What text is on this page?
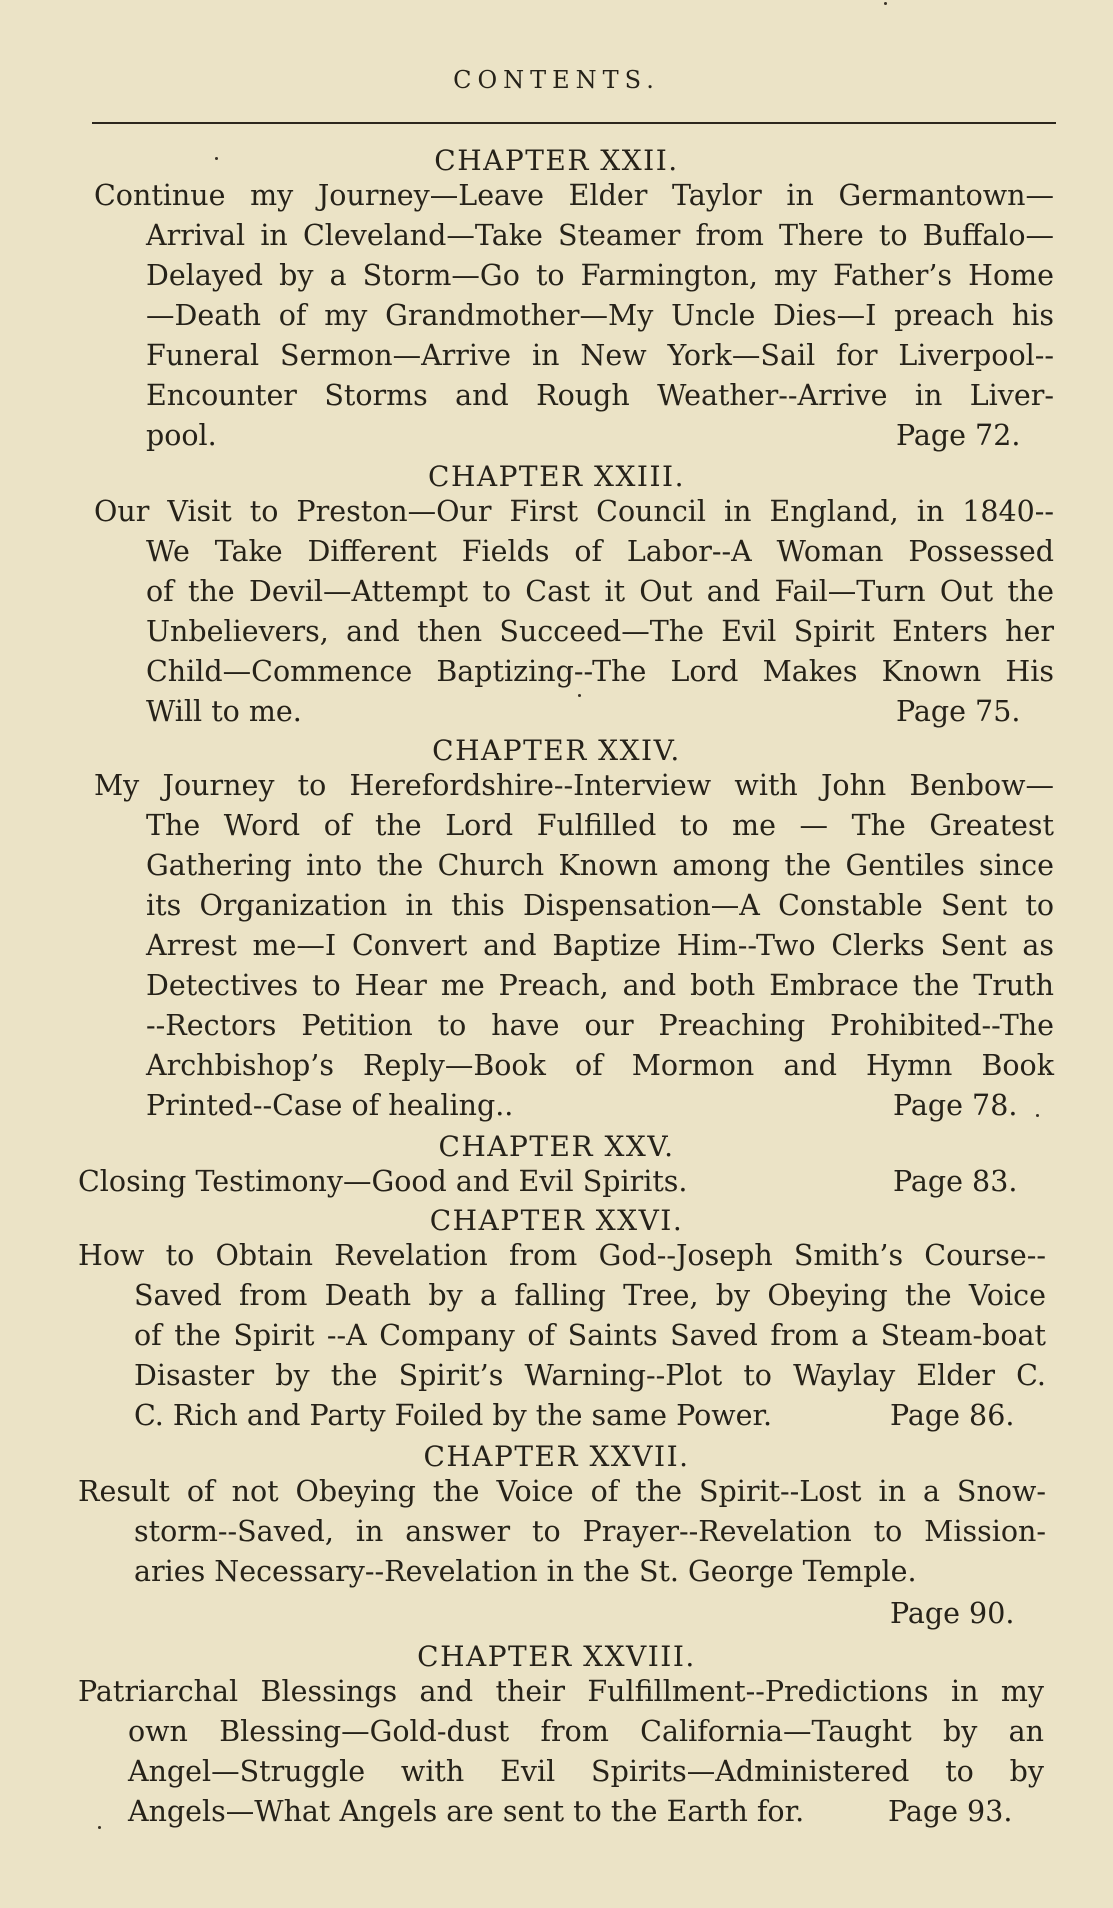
CONTENTS.
CHAPTER XXII.
Continue my Journey—Leave Elder Taylor in Germantown—
Arrival in Cleveland—Take Steamer from There to Buffalo—
Delayed by a Storm—Go to Farmington, my Father’s Home
—Death of my Grandmother—My Uncle Dies—I preach his
Funeral Sermon—Arrive in New York—Sail for Liverpool--
Encounter Storms and Rough Weather--Arrive in Liver-
pool.	Page 72.
CHAPTER XXIII.
Our Visit to Preston—Our First Council in England, in 1840--
We Take Different Fields of Labor--A Woman Possessed
of the Devil—Attempt to Cast it Out and Fail—Turn Out the
Unbelievers, and then Succeed—The Evil Spirit Enters her
Child—Commence Baptizing--The Lord Makes Known His
Will to me.	Page 75.
CHAPTER XXIV.
My Journey to Herefordshire--Interview with John Benbow—
The Word of the Lord Fulfilled to me — The Greatest
Gathering into the Church Known among the Gentiles since
its Organization in this Dispensation—A Constable Sent to
Arrest me—I Convert and Baptize Him--Two Clerks Sent as
Detectives to Hear me Preach, and both Embrace the Truth
--Rectors Petition to have our Preaching Prohibited--The
Archbishop’s Reply—Book of Mormon and Hymn Book
Printed--Case of healing..	Page 78.
CHAPTER XXV.
Closing Testimony—Good and Evil Spirits.	Page 83.
CHAPTER XXVI.
How to Obtain Revelation from God--Joseph Smith’s Course--
Saved from Death by a falling Tree, by Obeying the Voice
of the Spirit --A Company of Saints Saved from a Steam-boat
Disaster by the Spirit’s Warning--Plot to Waylay Elder C.
C. Rich and Party Foiled by the same Power.	Page 86.
CHAPTER XXVII.
Result of not Obeying the Voice of the Spirit--Lost in a Snow-
storm--Saved, in answer to Prayer--Revelation to Mission-
aries Necessary--Revelation in the St. George Temple.
Page 90.
CHAPTER XXVIII.
Patriarchal Blessings and their Fulfillment--Predictions in my
own Blessing—Gold-dust from California—Taught by an
Angel—Struggle with Evil Spirits—Administered to by
Angels—What Angels are sent to the Earth for.	Page 93.
